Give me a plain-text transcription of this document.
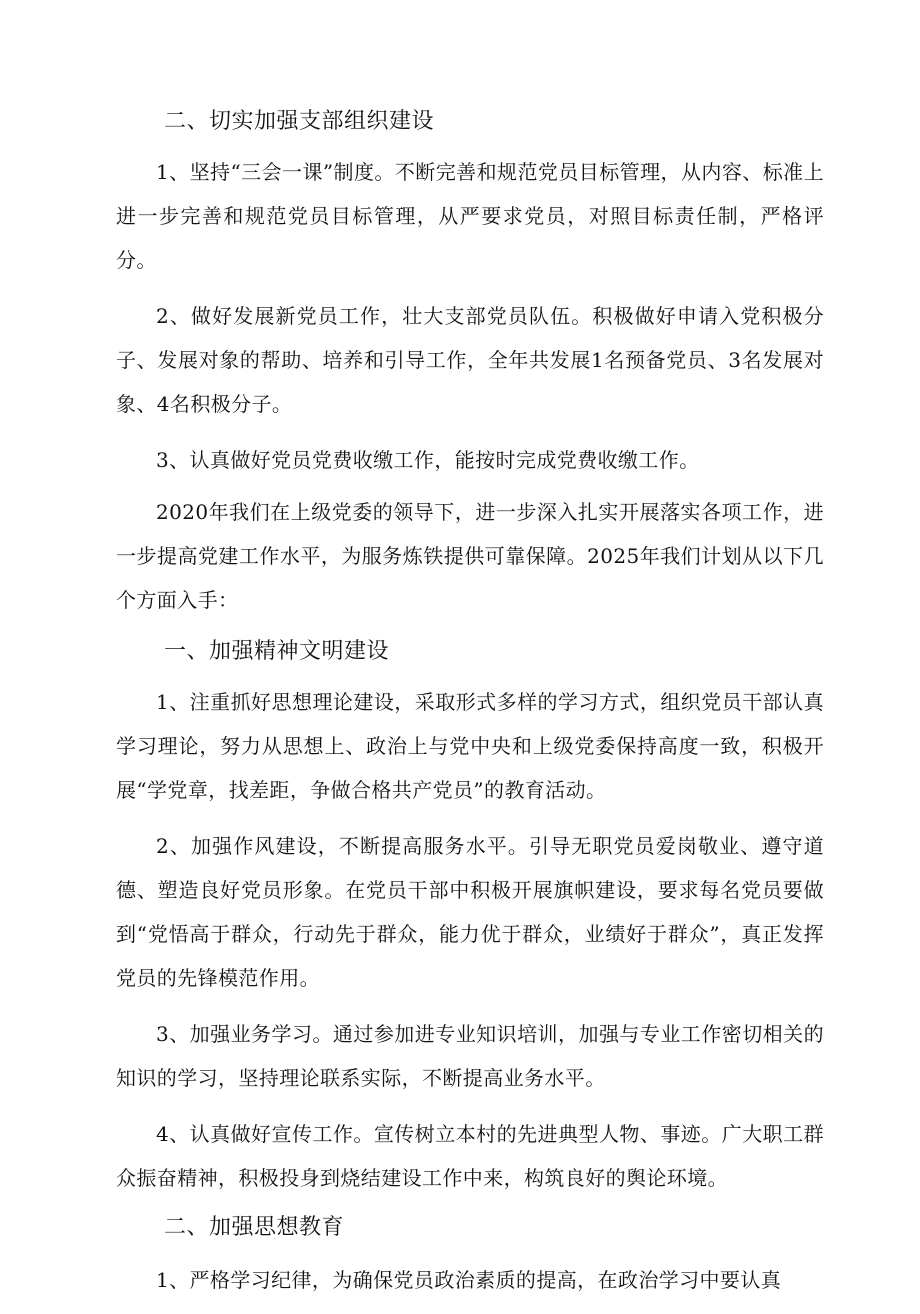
二、切实加强支部组织建设

1、坚持“三会一课”制度。不断完善和规范党员目标管理，从内容、标准上进一步完善和规范党员目标管理，从严要求党员，对照目标责任制，严格评分。

2、做好发展新党员工作，壮大支部党员队伍。积极做好申请入党积极分子、发展对象的帮助、培养和引导工作，全年共发展1名预备党员、3名发展对象、4名积极分子。

3、认真做好党员党费收缴工作，能按时完成党费收缴工作。

2020年我们在上级党委的领导下，进一步深入扎实开展落实各项工作，进一步提高党建工作水平，为服务炼铁提供可靠保障。2025年我们计划从以下几个方面入手：

一、加强精神文明建设

1、注重抓好思想理论建设，采取形式多样的学习方式，组织党员干部认真学习理论，努力从思想上、政治上与党中央和上级党委保持高度一致，积极开展“学党章，找差距，争做合格共产党员”的教育活动。

2、加强作风建设，不断提高服务水平。引导无职党员爱岗敬业、遵守道德、塑造良好党员形象。在党员干部中积极开展旗帜建设，要求每名党员要做到“党悟高于群众，行动先于群众，能力优于群众，业绩好于群众”，真正发挥党员的先锋模范作用。

3、加强业务学习。通过参加进专业知识培训，加强与专业工作密切相关的知识的学习，坚持理论联系实际，不断提高业务水平。

4、认真做好宣传工作。宣传树立本村的先进典型人物、事迹。广大职工群众振奋精神，积极投身到烧结建设工作中来，构筑良好的舆论环境。

二、加强思想教育

1、严格学习纪律，为确保党员政治素质的提高，在政治学习中要认真
